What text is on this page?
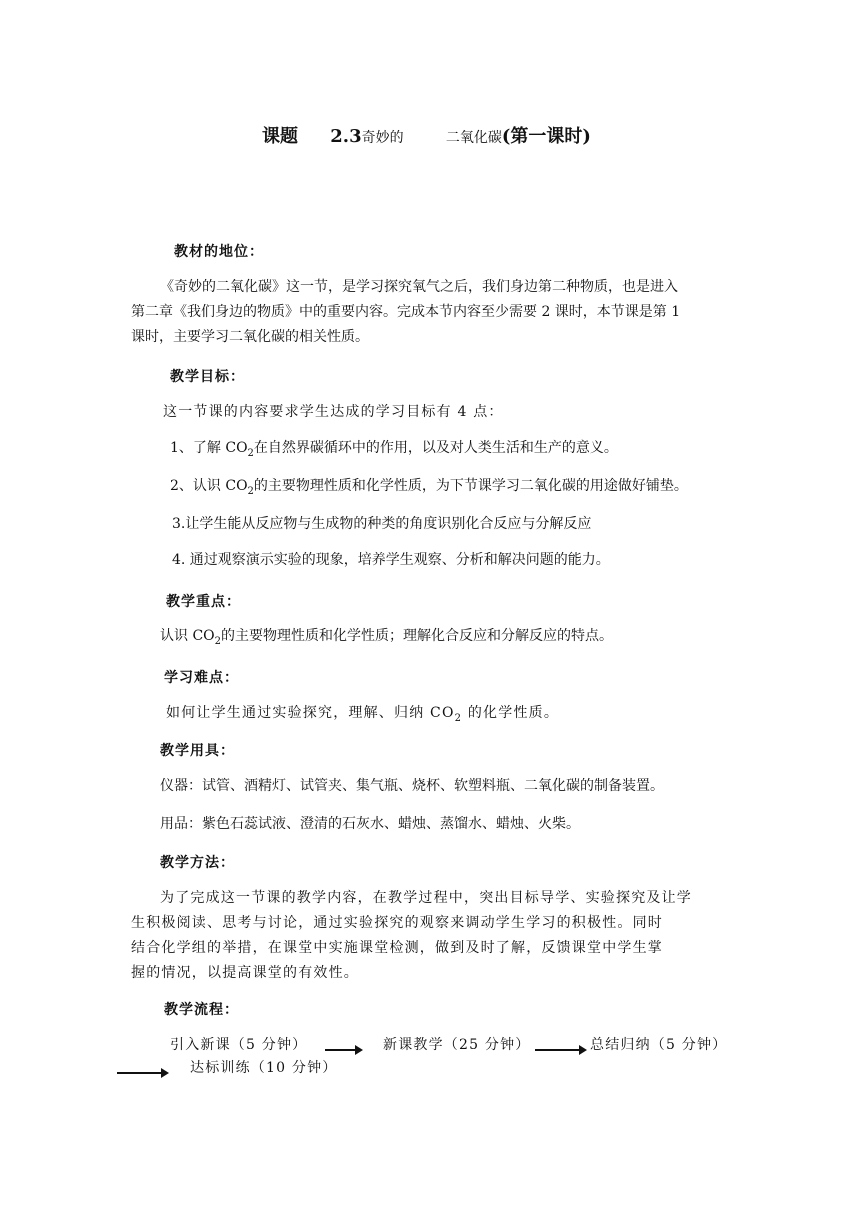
课题 2.3奇妙的	二氧化碳(第一课时)
教材的地位：
《奇妙的二氧化碳》这一节，是学习探究氧气之后，我们身边第二种物质，也是进入
第二章《我们身边的物质》中的重要内容。完成本节内容至少需要 2 课时，本节课是第 1
课时，主要学习二氧化碳的相关性质。
教学目标：
这一节课的内容要求学生达成的学习目标有 4 点：
1、了解 $CO_2$在自然界碳循环中的作用，以及对人类生活和生产的意义。
2、认识 $CO_2$的主要物理性质和化学性质，为下节课学习二氧化碳的用途做好铺垫。
3.让学生能从反应物与生成物的种类的角度识别化合反应与分解反应
4. 通过观察演示实验的现象，培养学生观察、分析和解决问题的能力。
教学重点：
认识 $CO_2$的主要物理性质和化学性质；理解化合反应和分解反应的特点。
学习难点：
如何让学生通过实验探究，理解、归纳 $CO_2$ 的化学性质。
教学用具：
仪器：试管、酒精灯、试管夹、集气瓶、烧杯、软塑料瓶、二氧化碳的制备装置。
用品：紫色石蕊试液、澄清的石灰水、蜡烛、蒸馏水、蜡烛、火柴。
教学方法：
为了完成这一节课的教学内容，在教学过程中，突出目标导学、实验探究及让学
生积极阅读、思考与讨论，通过实验探究的观察来调动学生学习的积极性。同时
结合化学组的举措，在课堂中实施课堂检测，做到及时了解，反馈课堂中学生掌
握的情况，以提高课堂的有效性。
教学流程：
引入新课（5 分钟）	新课教学（25 分钟）	总结归纳（5 分钟）
达标训练（10 分钟）
